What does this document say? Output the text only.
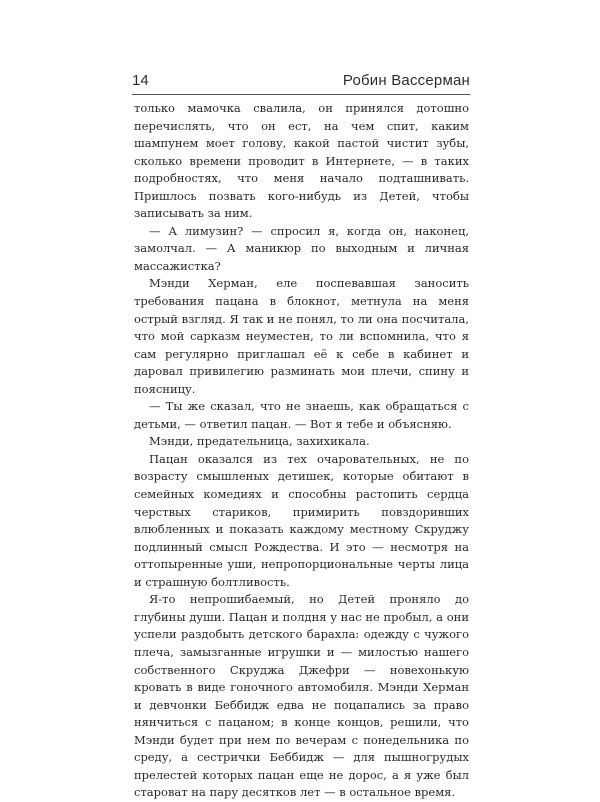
14	Робин Вассерман

только мамочка свалила, он принялся дотошно перечислять, что он ест, на чем спит, каким шампунем моет голову, какой пастой чистит зубы, сколько времени проводит в Интернете, — в таких подробностях, что меня начало подташнивать. Пришлось позвать кого-нибудь из Детей, чтобы записывать за ним.

— А лимузин? — спросил я, когда он, наконец, замолчал. — А маникюр по выходным и личная массажистка?

Мэнди Херман, еле поспевавшая заносить требования пацана в блокнот, метнула на меня острый взгляд. Я так и не понял, то ли она посчитала, что мой сарказм неуместен, то ли вспомнила, что я сам регулярно приглашал её к себе в кабинет и даровал привилегию разминать мои плечи, спину и поясницу.

— Ты же сказал, что не знаешь, как обращаться с детьми, — ответил пацан. — Вот я тебе и объясняю.

Мэнди, предательница, захихикала.

Пацан оказался из тех очаровательных, не по возрасту смышленых детишек, которые обитают в семейных комедиях и способны растопить сердца черствых стариков, примирить повздоривших влюбленных и показать каждому местному Скруджу подлинный смысл Рождества. И это — несмотря на оттопыренные уши, непропорциональные черты лица и страшную болтливость.

Я-то непрошибаемый, но Детей проняло до глубины души. Пацан и полдня у нас не пробыл, а они успели раздобыть детского барахла: одежду с чужого плеча, замызганные игрушки и — милостью нашего собственного Скруджа Джефри — новехонькую кровать в виде гоночного автомобиля. Мэнди Херман и девчонки Беббидж едва не поцапались за право нянчиться с пацаном; в конце концов, решили, что Мэнди будет при нем по вечерам с понедельника по среду, а сестрички Беббидж — для пышногрудых прелестей которых пацан еще не дорос, а я уже был староват на пару десятков лет — в остальное время.
